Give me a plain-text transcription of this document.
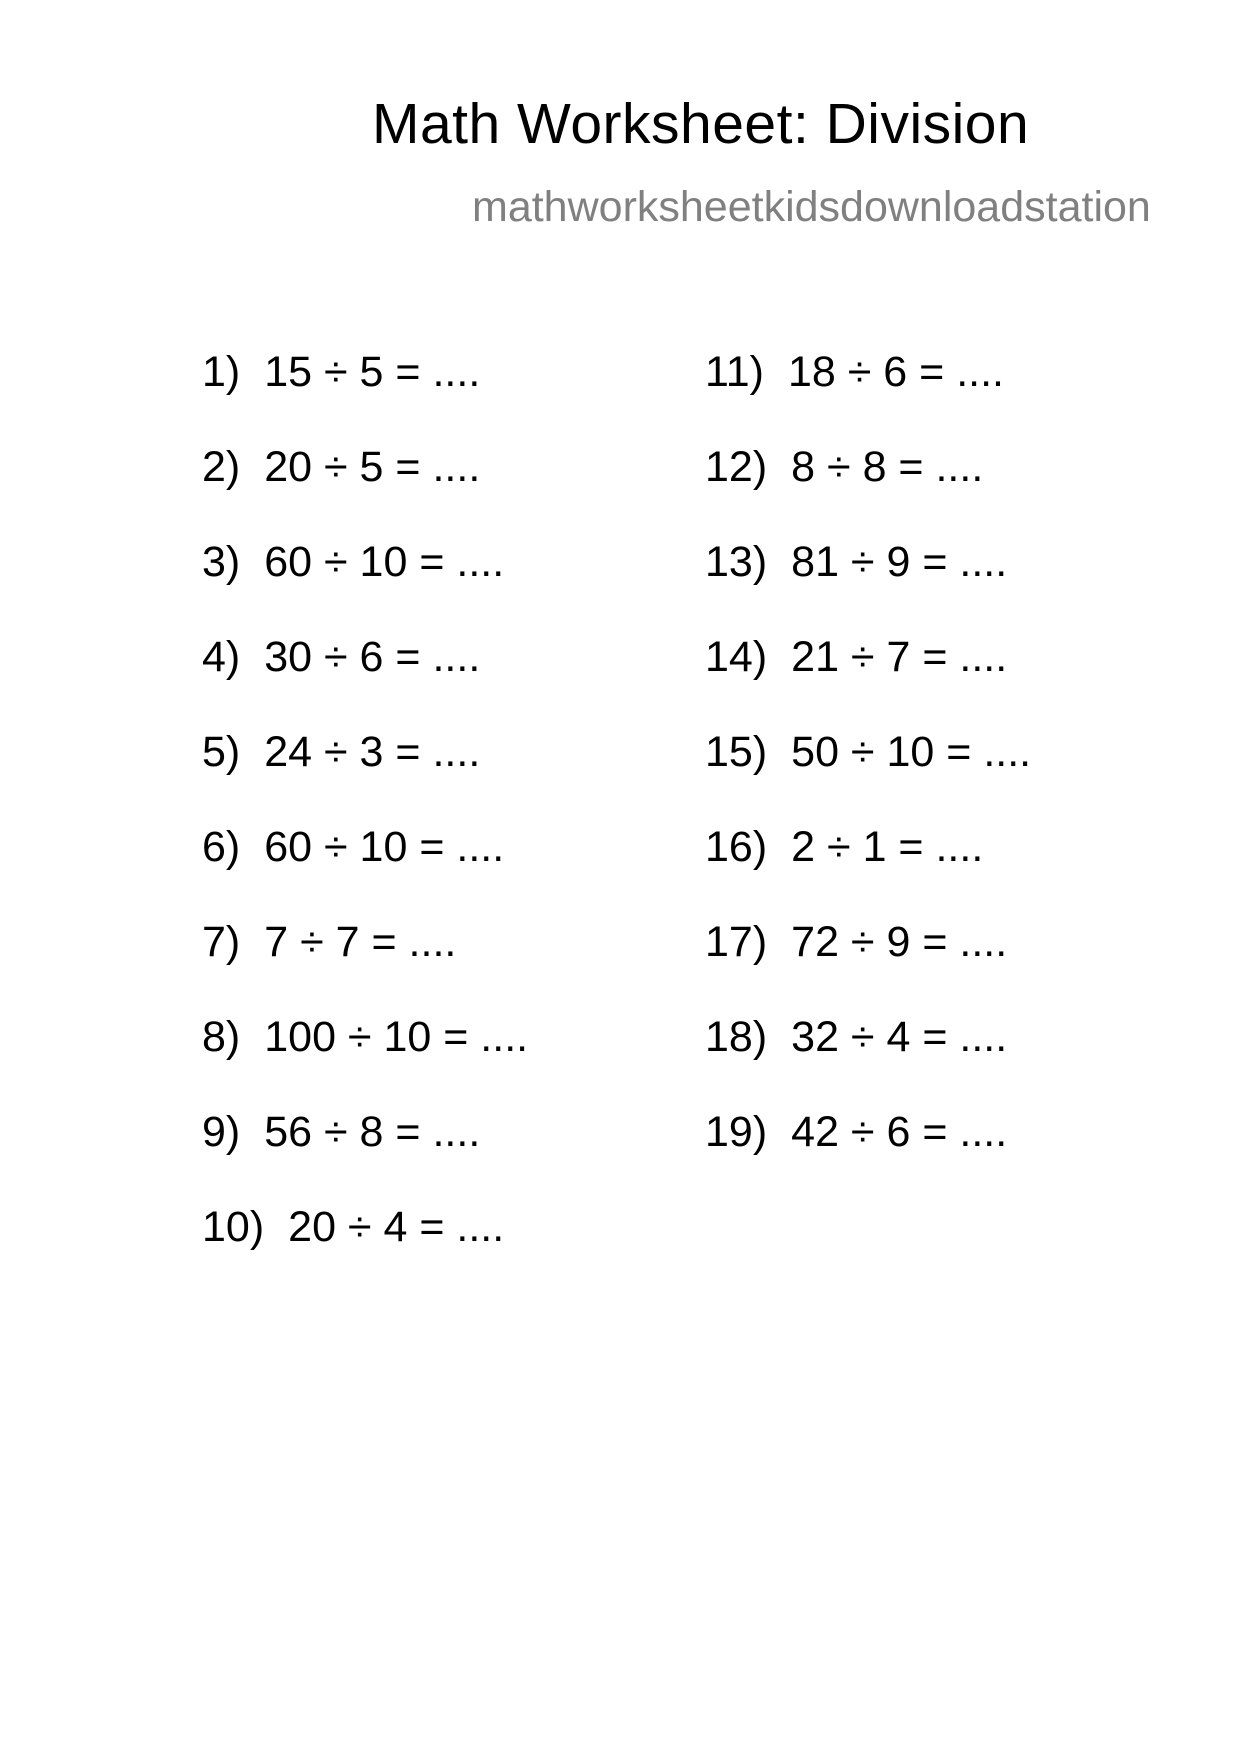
Math Worksheet: Division
mathworksheetkidsdownloadstation
1) 15 ÷ 5 = ....
2) 20 ÷ 5 = ....
3) 60 ÷ 10 = ....
4) 30 ÷ 6 = ....
5) 24 ÷ 3 = ....
6) 60 ÷ 10 = ....
7) 7 ÷ 7 = ....
8) 100 ÷ 10 = ....
9) 56 ÷ 8 = ....
10) 20 ÷ 4 = ....
11) 18 ÷ 6 = ....
12) 8 ÷ 8 = ....
13) 81 ÷ 9 = ....
14) 21 ÷ 7 = ....
15) 50 ÷ 10 = ....
16) 2 ÷ 1 = ....
17) 72 ÷ 9 = ....
18) 32 ÷ 4 = ....
19) 42 ÷ 6 = ....
